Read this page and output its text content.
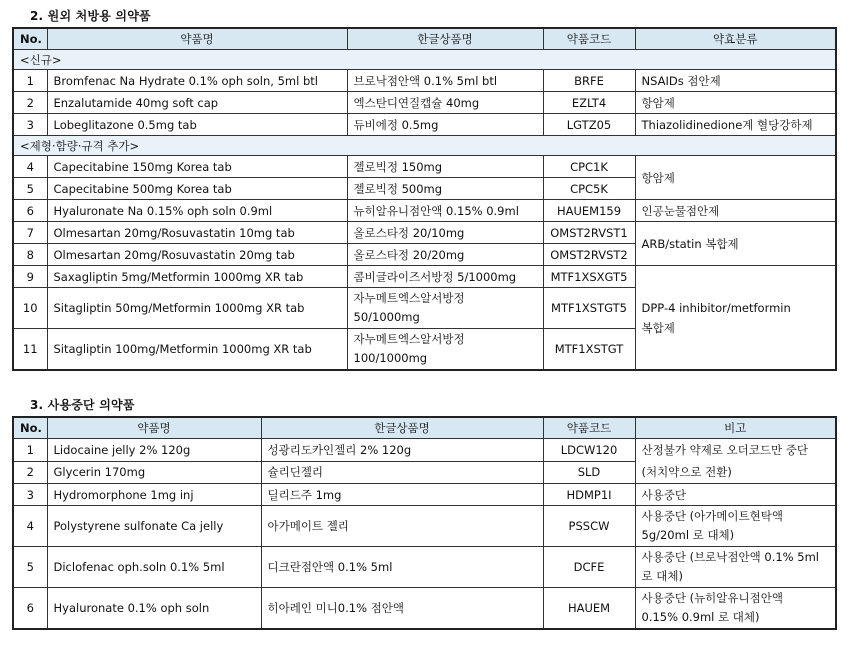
2. 원외 처방용 의약품
No.	약품명	한글상품명	약품코드	약효분류
<신규>				
1	Bromfenac Na Hydrate 0.1% oph soln, 5ml btl	브로낙점안액 0.1% 5ml btl	BRFE	NSAIDs 점안제
2	Enzalutamide 40mg soft cap	엑스탄디연질캡슐 40mg	EZLT4	항암제
3	Lobeglitazone 0.5mg tab	듀비에정 0.5mg	LGTZ05	Thiazolidinedione계 혈당강하제
<제형·함량·규격 추가>				
4	Capecitabine 150mg Korea tab	젤로빅정 150mg	CPC1K	항암제
5	Capecitabine 500mg Korea tab	젤로빅정 500mg	CPC5K	
6	Hyaluronate Na 0.15% oph soln 0.9ml	뉴히알유니점안액 0.15% 0.9ml	HAUEM159	인공눈물점안제
7	Olmesartan 20mg/Rosuvastatin 10mg tab	올로스타정 20/10mg	OMST2RVST1	ARB/statin 복합제
8	Olmesartan 20mg/Rosuvastatin 20mg tab	올로스타정 20/20mg	OMST2RVST2	
9	Saxagliptin 5mg/Metformin 1000mg XR tab	콤비글라이즈서방정 5/1000mg	MTF1XSXGT5	DPP-4 inhibitor/metformin
복합제
10	Sitagliptin 50mg/Metformin 1000mg XR tab	자누메트엑스알서방정
50/1000mg	MTF1XSTGT5	
11	Sitagliptin 100mg/Metformin 1000mg XR tab	자누메트엑스알서방정
100/1000mg	MTF1XSTGT	
3. 사용중단 의약품
No.	약품명	한글상품명	약품코드	비고
1	Lidocaine jelly 2% 120g	성광리도카인젤리 2% 120g	LDCW120	산정불가 약제로 오더코드만 중단
(처치약으로 전환)
2	Glycerin 170mg	슐리딘젤리	SLD	
3	Hydromorphone 1mg inj	딜리드주 1mg	HDMP1I	사용중단
4	Polystyrene sulfonate Ca jelly	아가메이트 젤리	PSSCW	사용중단 (아가메이트현탁액
5g/20ml 로 대체)
5	Diclofenac oph.soln 0.1% 5ml	디크란점안액 0.1% 5ml	DCFE	사용중단 (브로낙점안액 0.1% 5ml
로 대체)
6	Hyaluronate 0.1% oph soln	히아레인 미니0.1% 점안액	HAUEM	사용중단 (뉴히알유니점안액
0.15% 0.9ml 로 대체)
